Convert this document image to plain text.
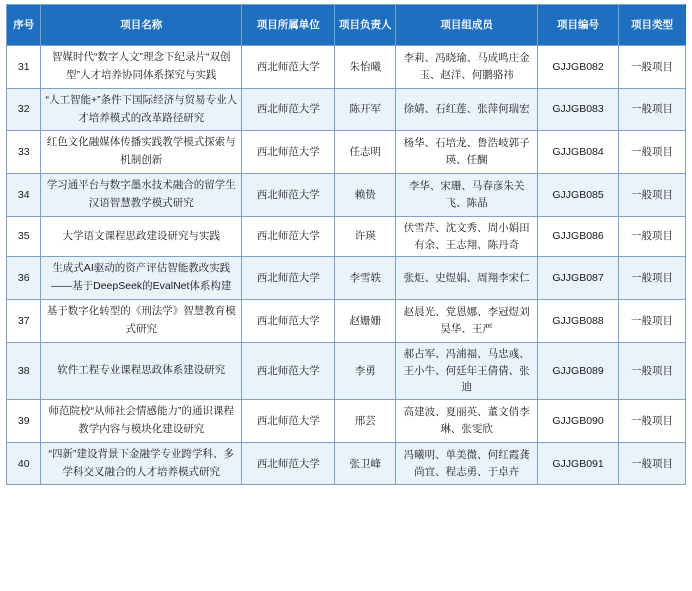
序号	项目名称	项目所属单位	项目负责人	项目组成员	项目编号	项目类型

31	智媒时代“数字人文”理念下纪录片“双创型”人才培养协同体系探究与实践	西北师范大学	朱怡曦	李莉、冯晓瑜、马成鸣庄金玉、赵洋、何鹏骆祎	GJJGB082	一般项目

32	“人工智能+”条件下国际经济与贸易专业人才培养模式的改革路径研究	西北师范大学	陈开军	徐婧、石红莲、张萍何瑞宏	GJJGB083	一般项目

33	红色文化融媒体传播实践教学模式探索与机制创新	西北师范大学	任志明	杨华、石培龙、鲁浩岐郭子瑛、任醐	GJJGB084	一般项目

34	学习通平台与数字墨水技术融合的留学生汉语智慧教学模式研究	西北师范大学	赖贽	李华、宋珊、马春彦朱关飞、陈晶	GJJGB085	一般项目

35	大学语文课程思政建设研究与实践	西北师范大学	许瑛	伏雪芹、沈文秀、周小娟田有余、王志翔、陈丹奇	GJJGB086	一般项目

36	生成式AI驱动的资产评估智能教改实践——基于DeepSeek的EvalNet体系构建	西北师范大学	李雪轶	张炬、史煜娟、周翔李宋仁	GJJGB087	一般项目

37	基于数字化转型的《刑法学》智慧教育模式研究	西北师范大学	赵姗姗	赵晨光、党恩娜、李冠煜刘昊华、王严	GJJGB088	一般项目

38	软件工程专业课程思政体系建设研究	西北师范大学	李勇	郝占军、冯浦福、马忠彧、王小牛、何廷年王倩倩、张迪	GJJGB089	一般项目

39	师范院校“从师社会情感能力”的通识课程教学内容与模块化建设研究	西北师范大学	邢芸	高建波、夏丽英、董文俏李琳、张雯欣	GJJGB090	一般项目

40	“四新”建设背景下金融学专业跨学科、多学科交叉融合的人才培养模式研究	西北师范大学	张卫峰	冯曦明、单美微、何红霞龚尚宜、程志勇、于卓卉	GJJGB091	一般项目
